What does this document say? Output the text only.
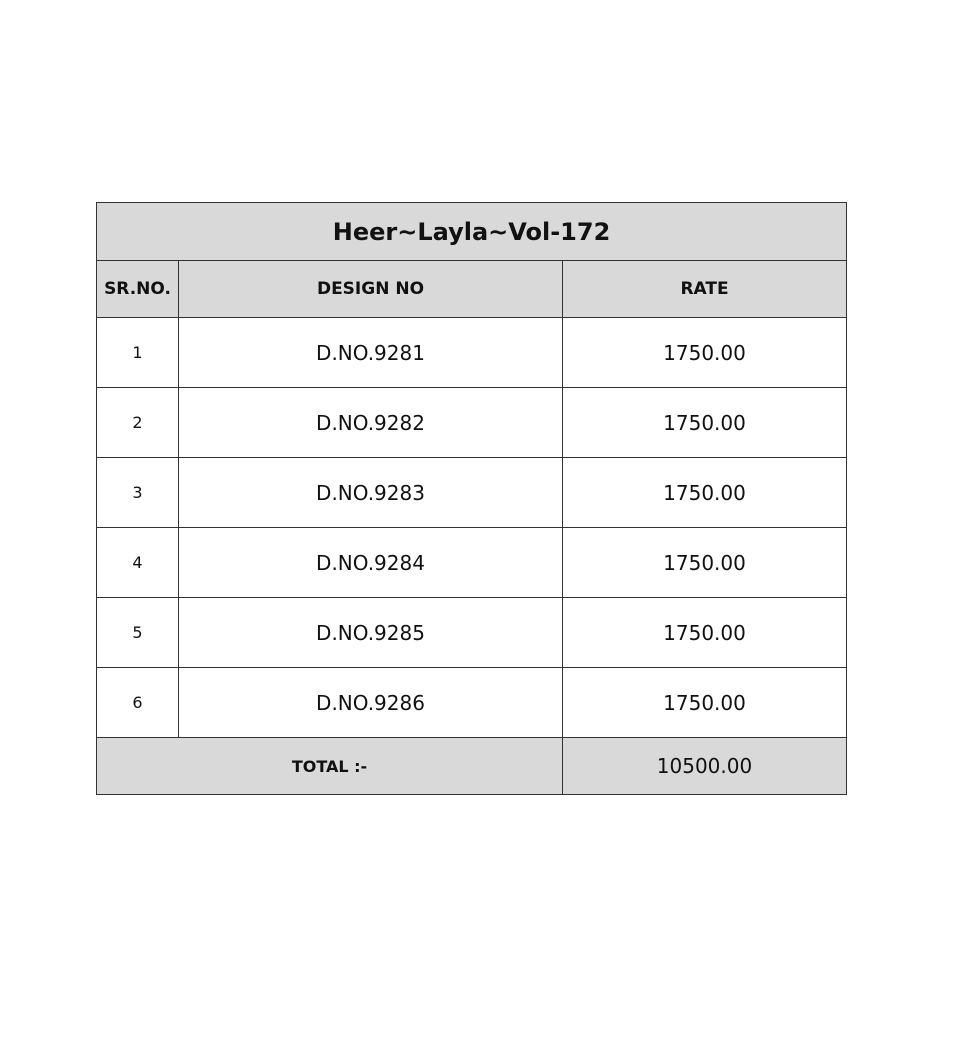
Heer~Layla~Vol-172		
SR.NO.	DESIGN NO	RATE
1	D.NO.9281	1750.00
2	D.NO.9282	1750.00
3	D.NO.9283	1750.00
4	D.NO.9284	1750.00
5	D.NO.9285	1750.00
6	D.NO.9286	1750.00
TOTAL :-		10500.00
